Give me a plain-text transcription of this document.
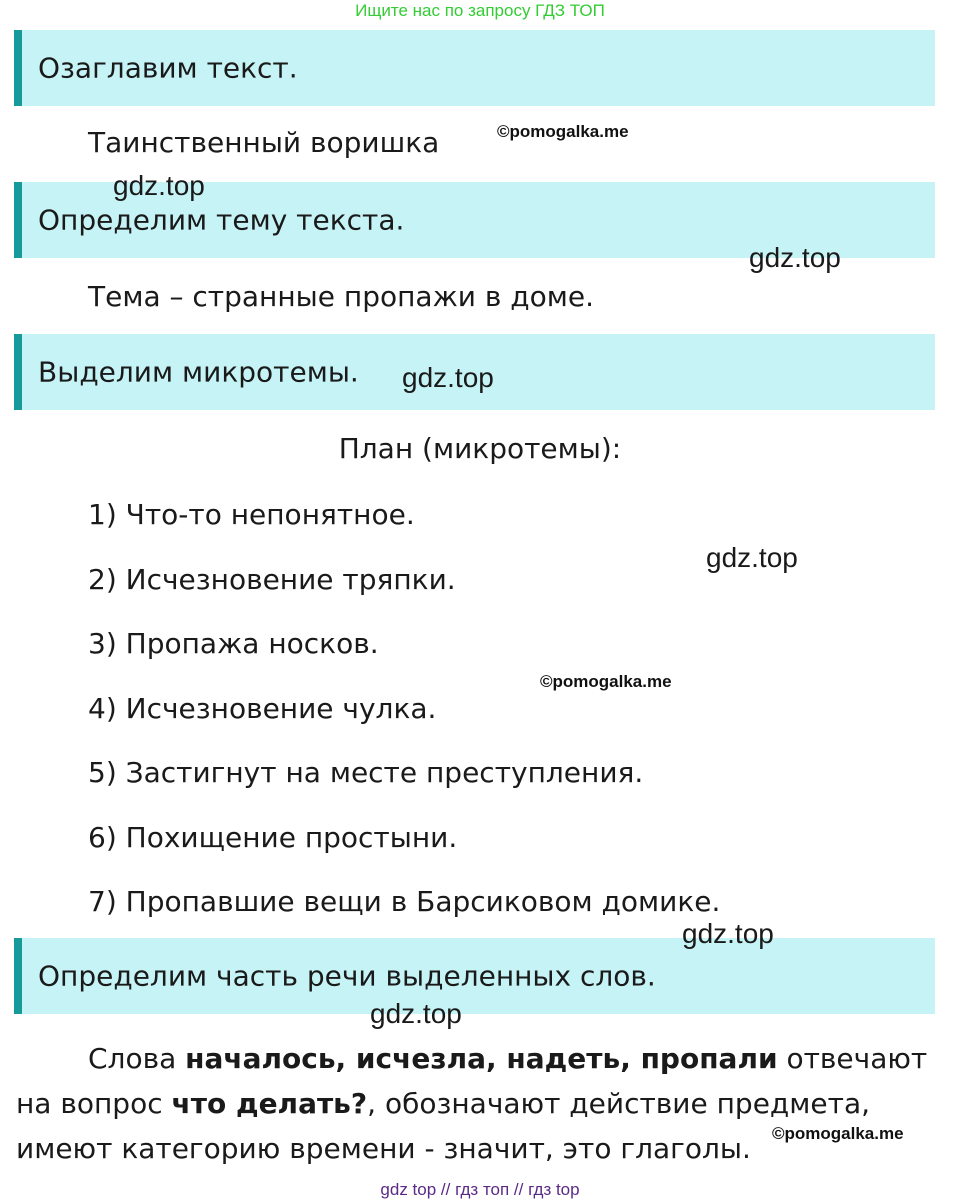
Ищите нас по запросу ГДЗ ТОП
Озаглавим текст.
Таинственный воришка	©pomogalka.me
Определим тему текста.
gdz.top
gdz.top
Тема – странные пропажи в доме.
Выделим микротемы. gdz.top
План (микротемы):
1) Что-то непонятное.
2) Исчезновение тряпки.
3) Пропажа носков.
4) Исчезновение чулка.
5) Застигнут на месте преступления.
6) Похищение простыни.
7) Пропавшие вещи в Барсиковом домике.
gdz.top
©pomogalka.me
Определим часть речи выделенных слов.
gdz.top
gdz.top

Слова началось, исчезла, надеть, пропали отвечают на вопрос что делать?, обозначают действие предмета, имеют категорию времени - значит, это глаголы.	©pomogalka.me
gdz top // гдз топ // гдз top
